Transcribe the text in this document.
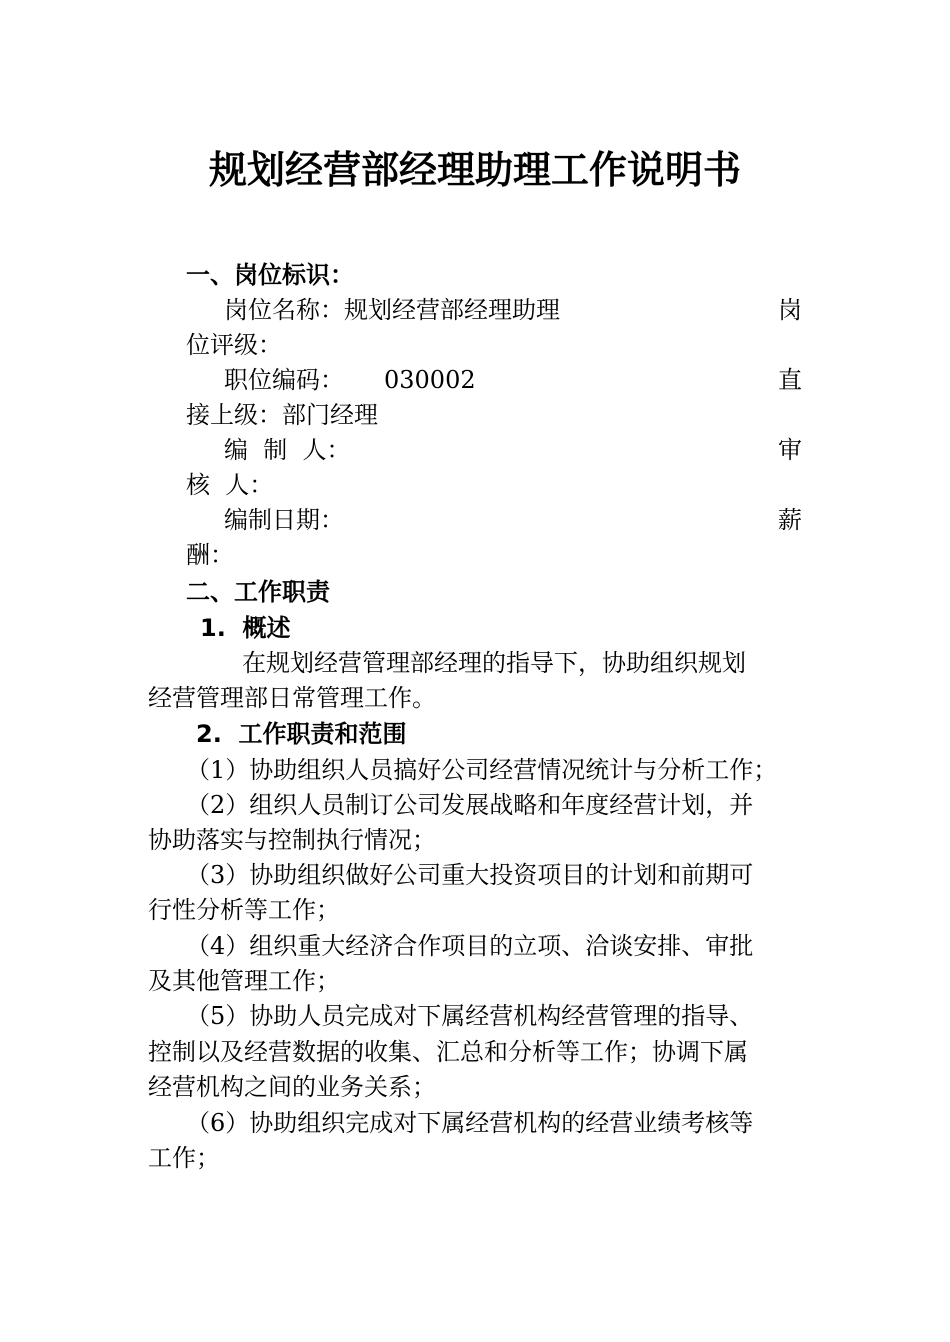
规划经营部经理助理工作说明书
一、岗位标识：
岗位名称：规划经营部经理助理	岗
位评级：
职位编码： 030002	直
接上级：部门经理
编  制  人：	审
核  人：
编制日期：	薪
酬：
二、工作职责
1.  概述
在规划经营管理部经理的指导下，协助组织规划
经营管理部日常管理工作。
2.  工作职责和范围
（1）协助组织人员搞好公司经营情况统计与分析工作；
（2）组织人员制订公司发展战略和年度经营计划，并
协助落实与控制执行情况；
（3）协助组织做好公司重大投资项目的计划和前期可
行性分析等工作；
（4）组织重大经济合作项目的立项、洽谈安排、审批
及其他管理工作；
（5）协助人员完成对下属经营机构经营管理的指导、
控制以及经营数据的收集、汇总和分析等工作；协调下属
经营机构之间的业务关系；
（6）协助组织完成对下属经营机构的经营业绩考核等
工作；
